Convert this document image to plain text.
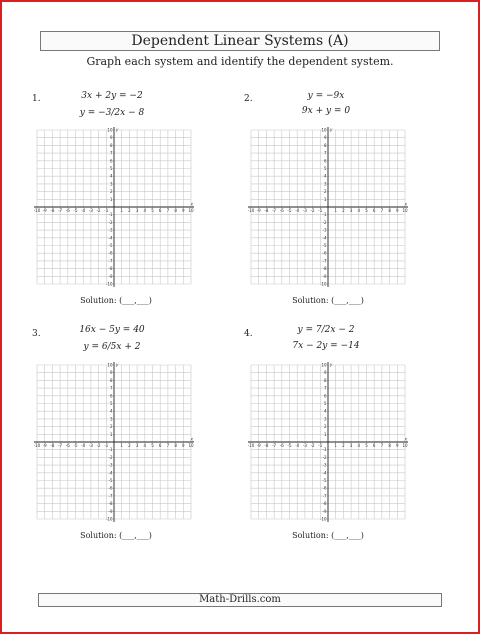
Dependent Linear Systems (A)
Graph each system and identify the dependent system.
1.	3x + 2y = −2
y = −3/2x − 8
-10
-10
-9
-9
-8
-8
-7
-7
-6
-6
-5
-5
-4
-4
-3
-3
-2
-2
-1
-1
1
1
2
2
3
3
4
4
5
5
6
6
7
7
8
8
9
9
10
10
x
y
Solution: (___,___)
2.	y = −9x
9x + y = 0
-10
-10
-9
-9
-8
-8
-7
-7
-6
-6
-5
-5
-4
-4
-3
-3
-2
-2
-1
-1
1
1
2
2
3
3
4
4
5
5
6
6
7
7
8
8
9
9
10
10
x
y
Solution: (___,___)
3.	16x − 5y = 40
y = 6/5x + 2
-10
-10
-9
-9
-8
-8
-7
-7
-6
-6
-5
-5
-4
-4
-3
-3
-2
-2
-1
-1
1
1
2
2
3
3
4
4
5
5
6
6
7
7
8
8
9
9
10
10
x
y
Solution: (___,___)
4.	y = 7/2x − 2
7x − 2y = −14
-10
-10
-9
-9
-8
-8
-7
-7
-6
-6
-5
-5
-4
-4
-3
-3
-2
-2
-1
-1
1
1
2
2
3
3
4
4
5
5
6
6
7
7
8
8
9
9
10
10
x
y
Solution: (___,___)
Math-Drills.com
